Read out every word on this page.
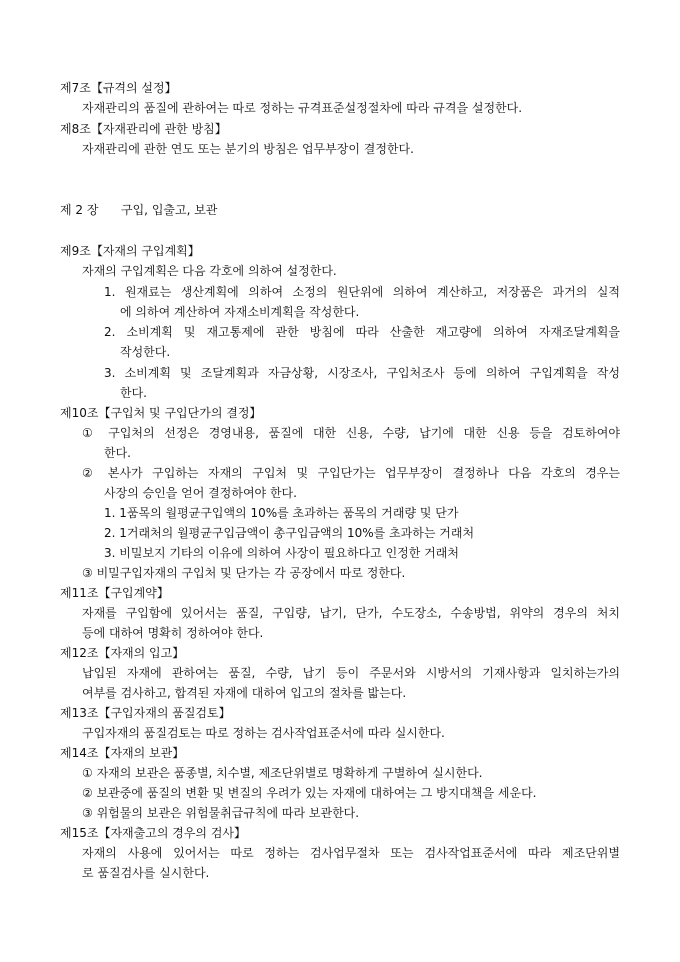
제7조【규격의 설정】
자재관리의 품질에 관하여는 따로 정하는 규격표준설정절차에 따라 규격을 설정한다.
제8조【자재관리에 관한 방침】
자재관리에 관한 연도 또는 분기의 방침은 업무부장이 결정한다.
제 2 장 구입, 입출고, 보관
제9조【자재의 구입계획】
자재의 구입계획은 다음 각호에 의하여 설정한다.
1. 원재료는 생산계획에 의하여 소정의 원단위에 의하여 계산하고, 저장품은 과거의 실적
에 의하여 계산하여 자재소비계획을 작성한다.
2. 소비계획 및 재고통제에 관한 방침에 따라 산출한 재고량에 의하여 자재조달계획을
작성한다.
3. 소비계획 및 조달계획과 자금상황, 시장조사, 구입처조사 등에 의하여 구입계획을 작성
한다.
제10조【구입처 및 구입단가의 결정】
① 구입처의 선정은 경영내용, 품질에 대한 신용, 수량, 납기에 대한 신용 등을 검토하여야
한다.
② 본사가 구입하는 자재의 구입처 및 구입단가는 업무부장이 결정하나 다음 각호의 경우는
사장의 승인을 얻어 결정하여야 한다.
1. 1품목의 월평균구입액의 10%를 초과하는 품목의 거래량 및 단가
2. 1거래처의 월평균구입금액이 총구입금액의 10%를 초과하는 거래처
3. 비밀보지 기타의 이유에 의하여 사장이 필요하다고 인정한 거래처
③ 비밀구입자재의 구입처 및 단가는 각 공장에서 따로 정한다.
제11조【구입계약】
자재를 구입함에 있어서는 품질, 구입량, 납기, 단가, 수도장소, 수송방법, 위약의 경우의 처치
등에 대하여 명확히 정하여야 한다.
제12조【자재의 입고】
납입된 자재에 관하여는 품질, 수량, 납기 등이 주문서와 시방서의 기재사항과 일치하는가의
여부를 검사하고, 합격된 자재에 대하여 입고의 절차를 밟는다.
제13조【구입자재의 품질검토】
구입자재의 품질검토는 따로 정하는 검사작업표준서에 따라 실시한다.
제14조【자재의 보관】
① 자재의 보관은 품종별, 치수별, 제조단위별로 명확하게 구별하여 실시한다.
② 보관중에 품질의 변환 및 변질의 우려가 있는 자재에 대하여는 그 방지대책을 세운다.
③ 위험물의 보관은 위험물취급규칙에 따라 보관한다.
제15조【자재출고의 경우의 검사】
자재의 사용에 있어서는 따로 정하는 검사업무절차 또는 검사작업표준서에 따라 제조단위별
로 품질검사를 실시한다.
